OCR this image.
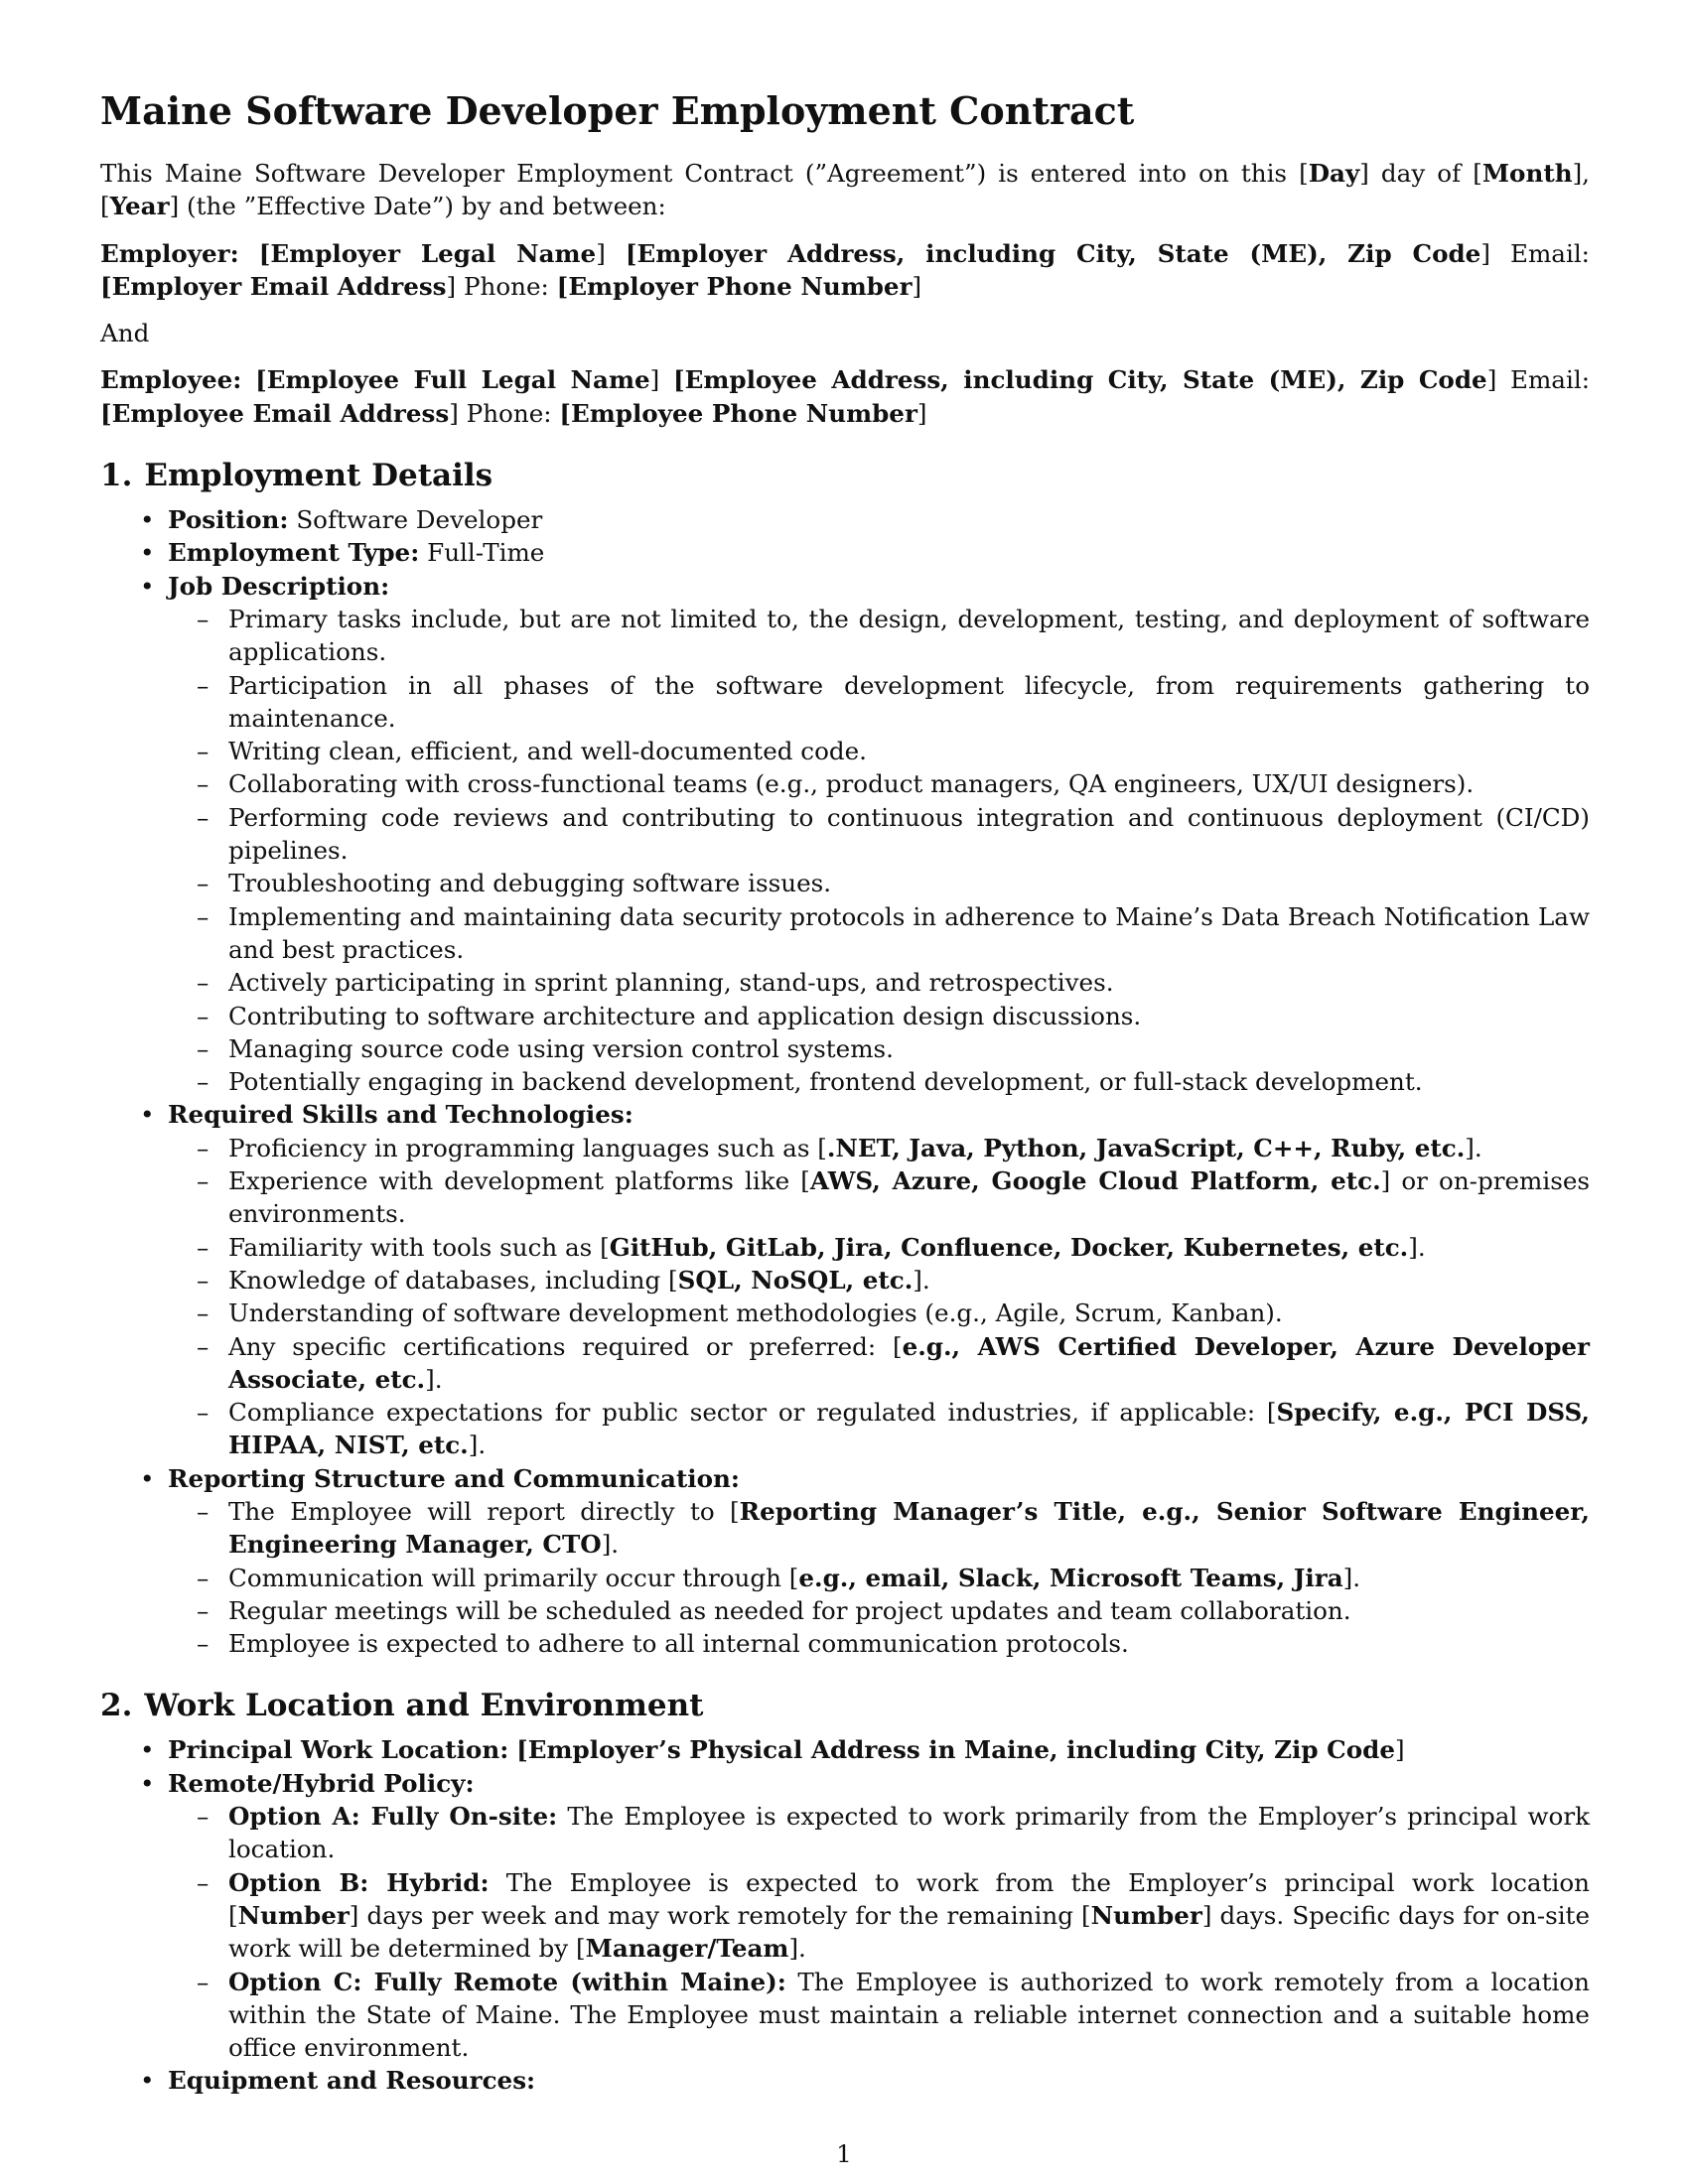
Maine Software Developer Employment Contract

This Maine Software Developer Employment Contract (”Agreement”) is entered into on this [Day] day of [Month], [Year] (the ”Effective Date”) by and between:

Employer: [Employer Legal Name] [Employer Address, including City, State (ME), Zip Code] Email: [Employer Email Address] Phone: [Employer Phone Number]

And

Employee: [Employee Full Legal Name] [Employee Address, including City, State (ME), Zip Code] Email: [Employee Email Address] Phone: [Employee Phone Number]

1. Employment Details
• Position: Software Developer
• Employment Type: Full-Time
• Job Description:
– Primary tasks include, but are not limited to, the design, development, testing, and deployment of software applications.
– Participation in all phases of the software development lifecycle, from requirements gathering to maintenance.
– Writing clean, efficient, and well-documented code.
– Collaborating with cross-functional teams (e.g., product managers, QA engineers, UX/UI designers).
– Performing code reviews and contributing to continuous integration and continuous deployment (CI/CD) pipelines.
– Troubleshooting and debugging software issues.
– Implementing and maintaining data security protocols in adherence to Maine’s Data Breach Notification Law and best practices.
– Actively participating in sprint planning, stand-ups, and retrospectives.
– Contributing to software architecture and application design discussions.
– Managing source code using version control systems.
– Potentially engaging in backend development, frontend development, or full-stack development.
• Required Skills and Technologies:
– Proficiency in programming languages such as [.NET, Java, Python, JavaScript, C++, Ruby, etc.].
– Experience with development platforms like [AWS, Azure, Google Cloud Platform, etc.] or on-premises environments.
– Familiarity with tools such as [GitHub, GitLab, Jira, Confluence, Docker, Kubernetes, etc.].
– Knowledge of databases, including [SQL, NoSQL, etc.].
– Understanding of software development methodologies (e.g., Agile, Scrum, Kanban).
– Any specific certifications required or preferred: [e.g., AWS Certified Developer, Azure Developer Associate, etc.].
– Compliance expectations for public sector or regulated industries, if applicable: [Specify, e.g., PCI DSS, HIPAA, NIST, etc.].
• Reporting Structure and Communication:
– The Employee will report directly to [Reporting Manager’s Title, e.g., Senior Software Engineer, Engineering Manager, CTO].
– Communication will primarily occur through [e.g., email, Slack, Microsoft Teams, Jira].
– Regular meetings will be scheduled as needed for project updates and team collaboration.
– Employee is expected to adhere to all internal communication protocols.
2. Work Location and Environment
• Principal Work Location: [Employer’s Physical Address in Maine, including City, Zip Code]
• Remote/Hybrid Policy:
– Option A: Fully On-site: The Employee is expected to work primarily from the Employer’s principal work location.
– Option B: Hybrid: The Employee is expected to work from the Employer’s principal work location [Number] days per week and may work remotely for the remaining [Number] days. Specific days for on-site work will be determined by [Manager/Team].
– Option C: Fully Remote (within Maine): The Employee is authorized to work remotely from a location within the State of Maine. The Employee must maintain a reliable internet connection and a suitable home office environment.
• Equipment and Resources:
1
